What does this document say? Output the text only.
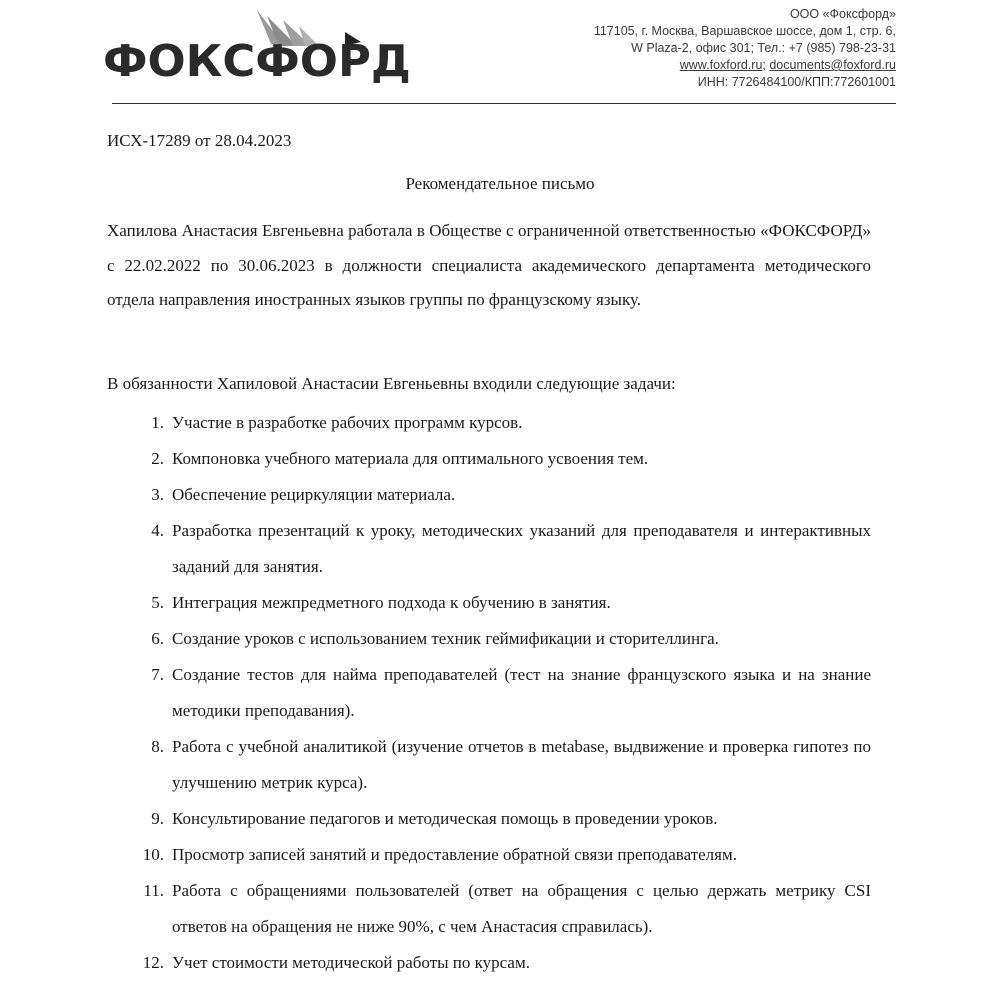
ФОКСФОРД
ООО «Фоксфорд»
117105, г. Москва, Варшавское шоссе, дом 1, стр. 6,
W Plaza-2, офис 301; Тел.: +7 (985) 798-23-31
www.foxford.ru; documents@foxford.ru
ИНН: 7726484100/КПП:772601001
ИСХ-17289 от 28.04.2023
Рекомендательное письмо
Хапилова Анастасия Евгеньевна работала в Обществе с ограниченной ответственностью «ФОКСФОРД» с 22.02.2022 по 30.06.2023 в должности специалиста академического департамента методического отдела направления иностранных языков группы по французскому языку.
В обязанности Хапиловой Анастасии Евгеньевны входили следующие задачи:
1. Участие в разработке рабочих программ курсов.
2. Компоновка учебного материала для оптимального усвоения тем.
3. Обеспечение рециркуляции материала.
4. Разработка презентаций к уроку, методических указаний для преподавателя и интерактивных заданий для занятия.
5. Интеграция межпредметного подхода к обучению в занятия.
6. Создание уроков с использованием техник геймификации и сторителлинга.
7. Создание тестов для найма преподавателей (тест на знание французского языка и на знание методики преподавания).
8. Работа с учебной аналитикой (изучение отчетов в metabase, выдвижение и проверка гипотез по улучшению метрик курса).
9. Консультирование педагогов и методическая помощь в проведении уроков.
10. Просмотр записей занятий и предоставление обратной связи преподавателям.
11. Работа с обращениями пользователей (ответ на обращения с целью держать метрику CSI ответов на обращения не ниже 90%, с чем Анастасия справилась).
12. Учет стоимости методической работы по курсам.
